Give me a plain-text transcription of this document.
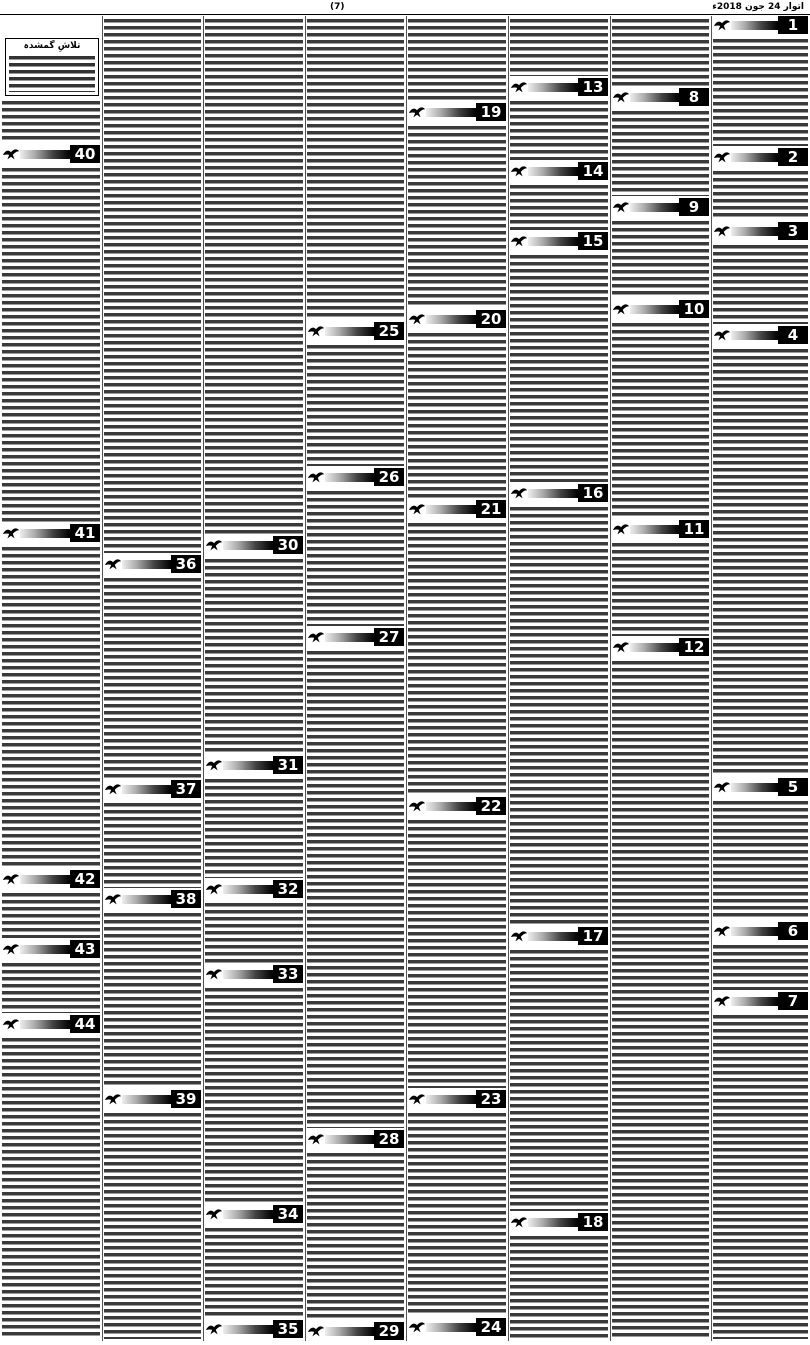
(7)	اتوار 24 جون 2018ء
تلاشِ گمشدہ
40
41
42
43
44
36
37
38
39
30
31
32
33
34
35
25
26
27
28
29
19
20
21
22
23
24
13
14
15
16
17
18
8
9
10
11
12
1
2
3
4
5
6
7
